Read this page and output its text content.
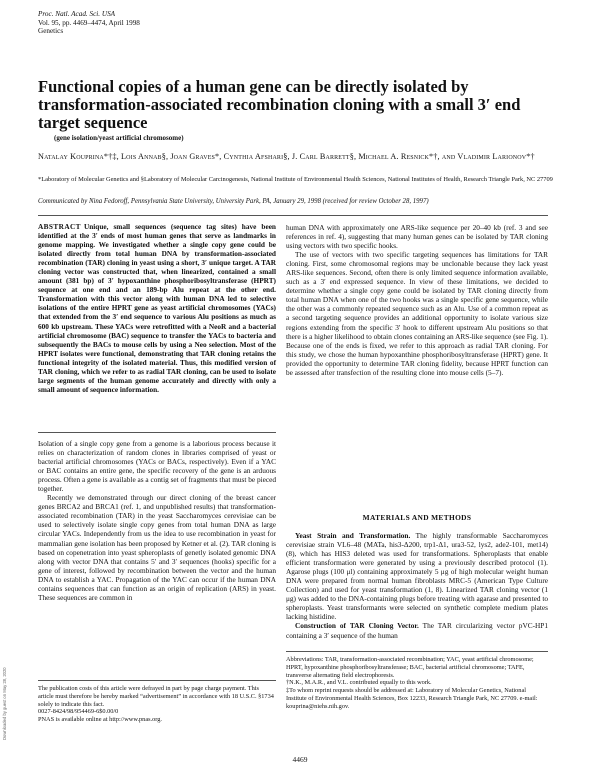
Proc. Natl. Acad. Sci. USA
Vol. 95, pp. 4469–4474, April 1998
Genetics
Functional copies of a human gene can be directly isolated by transformation-associated recombination cloning with a small 3′ end target sequence
(gene isolation/yeast artificial chromosome)
Natalay Kouprina*†‡, Lois Annab§, Joan Graves*, Cynthia Afshari§, J. Carl Barrett§, Michael A. Resnick*†, and Vladimir Larionov*†
*Laboratory of Molecular Genetics and §Laboratory of Molecular Carcinogenesis, National Institute of Environmental Health Sciences, National Institutes of Health, Research Triangle Park, NC 27709
Communicated by Nina Fedoroff, Pennsylvania State University, University Park, PA, January 29, 1998 (received for review October 28, 1997)

ABSTRACT Unique, small sequences (sequence tag sites) have been identified at the 3′ ends of most human genes that serve as landmarks in genome mapping. We investigated whether a single copy gene could be isolated directly from total human DNA by transformation-associated recombination (TAR) cloning in yeast using a short, 3′ unique target. A TAR cloning vector was constructed that, when linearized, contained a small amount (381 bp) of 3′ hypoxanthine phosphoribosyltransferase (HPRT) sequence at one end and an 189-bp Alu repeat at the other end. Transformation with this vector along with human DNA led to selective isolations of the entire HPRT gene as yeast artificial chromosomes (YACs) that extended from the 3′ end sequence to various Alu positions as much as 600 kb upstream. These YACs were retrofitted with a NeoR and a bacterial artificial chromosome (BAC) sequence to transfer the YACs to bacteria and subsequently the BACs to mouse cells by using a Neo selection. Most of the HPRT isolates were functional, demonstrating that TAR cloning retains the functional integrity of the isolated material. Thus, this modified version of TAR cloning, which we refer to as radial TAR cloning, can be used to isolate large segments of the human genome accurately and directly with only a small amount of sequence information.

Isolation of a single copy gene from a genome is a laborious process because it relies on characterization of random clones in libraries comprised of yeast or bacterial artificial chromosomes (YACs or BACs, respectively). Even if a YAC or BAC contains an entire gene, the specific recovery of the gene is an arduous process. Often a gene is available as a contig set of fragments that must be pieced together.

Recently we demonstrated through our direct cloning of the breast cancer genes BRCA2 and BRCA1 (ref. 1, and unpublished results) that transformation-associated recombination (TAR) in the yeast Saccharomyces cerevisiae can be used to selectively isolate single copy genes from total human DNA as large circular YACs. Independently from us the idea to use recombination in yeast for mammalian gene isolation has been proposed by Ketner et al. (2). TAR cloning is based on copenetration into yeast spheroplasts of genetly isolated genomic DNA along with vector DNA that contains 5′ and 3′ sequences (hooks) specific for a gene of interest, followed by recombination between the vector and the human DNA to establish a YAC. Propagation of the YAC can occur if the human DNA contains sequences that can function as an origin of replication (ARS) in yeast. These sequences are common in

human DNA with approximately one ARS-like sequence per 20–40 kb (ref. 3 and see references in ref. 4), suggesting that many human genes can be isolated by TAR cloning using vectors with two specific hooks.

The use of vectors with two specific targeting sequences has limitations for TAR cloning. First, some chromosomal regions may be unclonable because they lack yeast ARS-like sequences. Second, often there is only limited sequence information available, such as a 3′ end expressed sequence. In view of these limitations, we decided to determine whether a single copy gene could be isolated by TAR cloning directly from total human DNA when one of the two hooks was a single specific gene sequence, while the other was a commonly repeated sequence such as an Alu. Use of a common repeat as a second targeting sequence provides an additional opportunity to isolate various size regions extending from the specific 3′ hook to different upstream Alu positions so that there is a higher likelihood to obtain clones containing an ARS-like sequence (see Fig. 1). Because one of the ends is fixed, we refer to this approach as radial TAR cloning. For this study, we chose the human hypoxanthine phosphoribosyltransferase (HPRT) gene. It provided the opportunity to determine TAR cloning fidelity, because HPRT function can be assessed after transfection of the resulting clone into mouse cells (5–7).

MATERIALS AND METHODS

Yeast Strain and Transformation. The highly transformable Saccharomyces cerevisiae strain VL6–48 (MATa, his3-Δ200, trp1-Δ1, ura3-52, lys2, ade2-101, met14) (8), which has HIS3 deleted was used for transformations. Spheroplasts that enable efficient transformation were generated by using a previously described protocol (1). Agarose plugs (100 μl) containing approximately 5 μg of high molecular weight human DNA were prepared from normal human fibroblasts MRC-5 (American Type Culture Collection) and used for yeast transformation (1, 8). Linearized TAR cloning vector (1 μg) was added to the DNA-containing plugs before treating with agarase and presented to spheroplasts. Yeast transformants were selected on synthetic complete medium plates lacking histidine.

Construction of TAR Cloning Vector. The TAR circularizing vector pVC-HP1 containing a 3′ sequence of the human

The publication costs of this article were defrayed in part by page charge payment. This article must therefore be hereby marked “advertisement” in accordance with 18 U.S.C. §1734 solely to indicate this fact.

0027-8424/98/954469-6$0.00/0

PNAS is available online at http://www.pnas.org.

Abbreviations: TAR, transformation-associated recombination; YAC, yeast artificial chromosome; HPRT, hypoxanthine phosphoribosyltransferase; BAC, bacterial artificial chromosome; TAFE, transverse alternating field electrophoresis.

†N.K., M.A.R., and V.L. contributed equally to this work.

‡To whom reprint requests should be addressed at: Laboratory of Molecular Genetics, National Institute of Environmental Health Sciences, Box 12233, Research Triangle Park, NC 27709. e-mail: kouprina@niehs.nih.gov.

4469
Downloaded by guest on May 28, 2020
